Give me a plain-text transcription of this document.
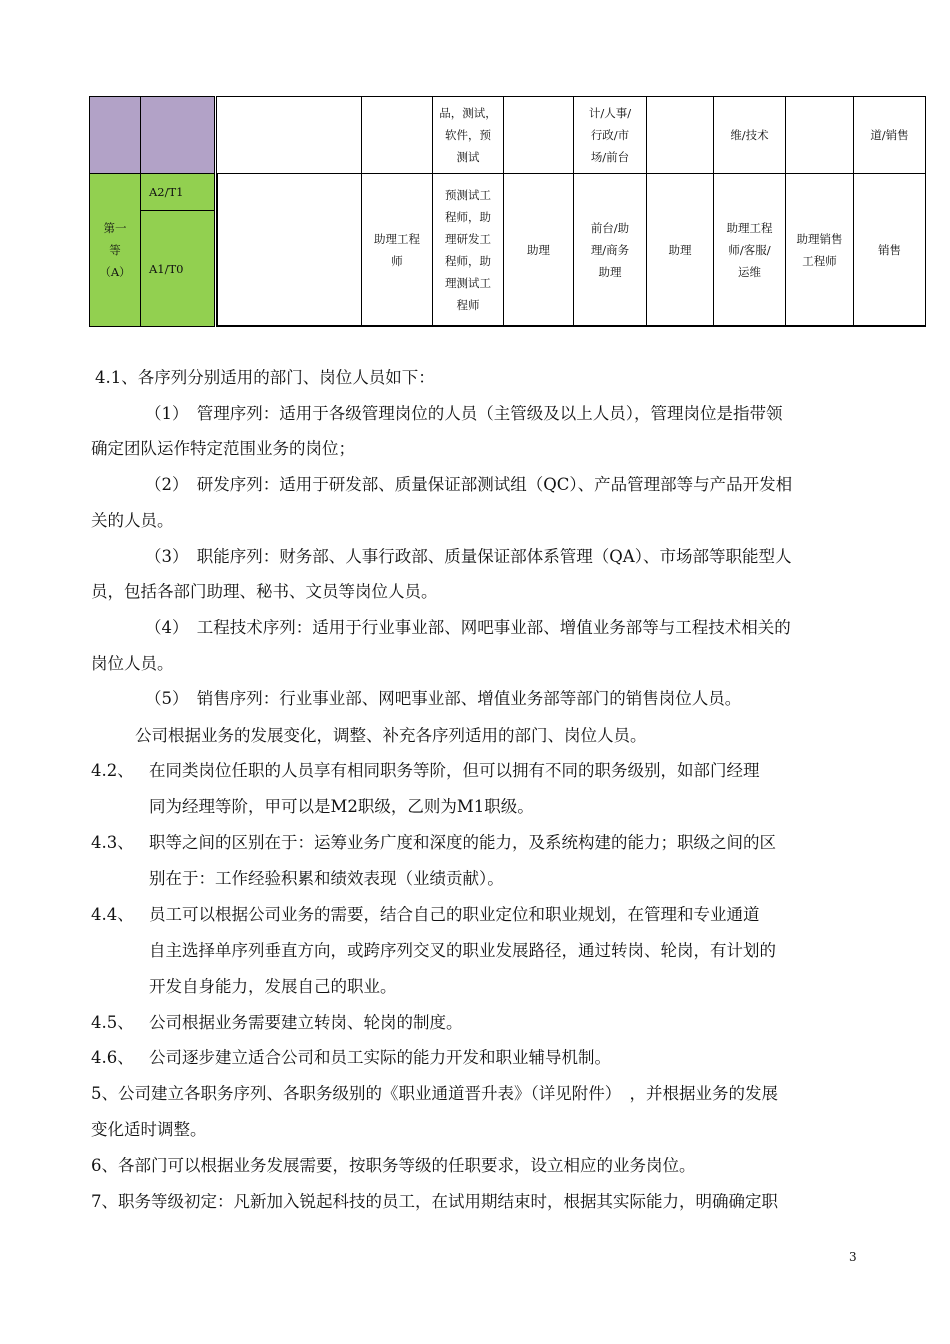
品，测试，
软件，预
测试
计/人事/
行政/市
场/前台
维/技术	道/销售
第一
等
（A）
A2/T1
A1/T0
助理工程
师
预测试工
程师，助
理研发工
程师，助
理测试工
程师
助理
前台/助
理/商务
助理
助理
助理工程
师/客服/
运维
助理销售
工程师
销售
4.1、各序列分别适用的部门、岗位人员如下：
（1）　管理序列：适用于各级管理岗位的人员（主管级及以上人员），管理岗位是指带领
确定团队运作特定范围业务的岗位；
（2）　研发序列：适用于研发部、质量保证部测试组（QC）、产品管理部等与产品开发相
关的人员。
（3）　职能序列：财务部、人事行政部、质量保证部体系管理（QA）、市场部等职能型人
员，包括各部门助理、秘书、文员等岗位人员。
（4）　工程技术序列：适用于行业事业部、网吧事业部、增值业务部等与工程技术相关的
岗位人员。
（5）　销售序列：行业事业部、网吧事业部、增值业务部等部门的销售岗位人员。
公司根据业务的发展变化，调整、补充各序列适用的部门、岗位人员。
4.2、 在同类岗位任职的人员享有相同职务等阶，但可以拥有不同的职务级别，如部门经理
同为经理等阶，甲可以是M2职级，乙则为M1职级。
4.3、 职等之间的区别在于：运筹业务广度和深度的能力，及系统构建的能力；职级之间的区
别在于：工作经验积累和绩效表现（业绩贡献）。
4.4、 员工可以根据公司业务的需要，结合自己的职业定位和职业规划，在管理和专业通道
自主选择单序列垂直方向，或跨序列交叉的职业发展路径，通过转岗、轮岗，有计划的
开发自身能力，发展自己的职业。
4.5、 公司根据业务需要建立转岗、轮岗的制度。
4.6、 公司逐步建立适合公司和员工实际的能力开发和职业辅导机制。
5、公司建立各职务序列、各职务级别的《职业通道晋升表》（详见附件）　，并根据业务的发展
变化适时调整。
6、各部门可以根据业务发展需要，按职务等级的任职要求，设立相应的业务岗位。
7、职务等级初定：凡新加入锐起科技的员工，在试用期结束时，根据其实际能力，明确确定职
3
